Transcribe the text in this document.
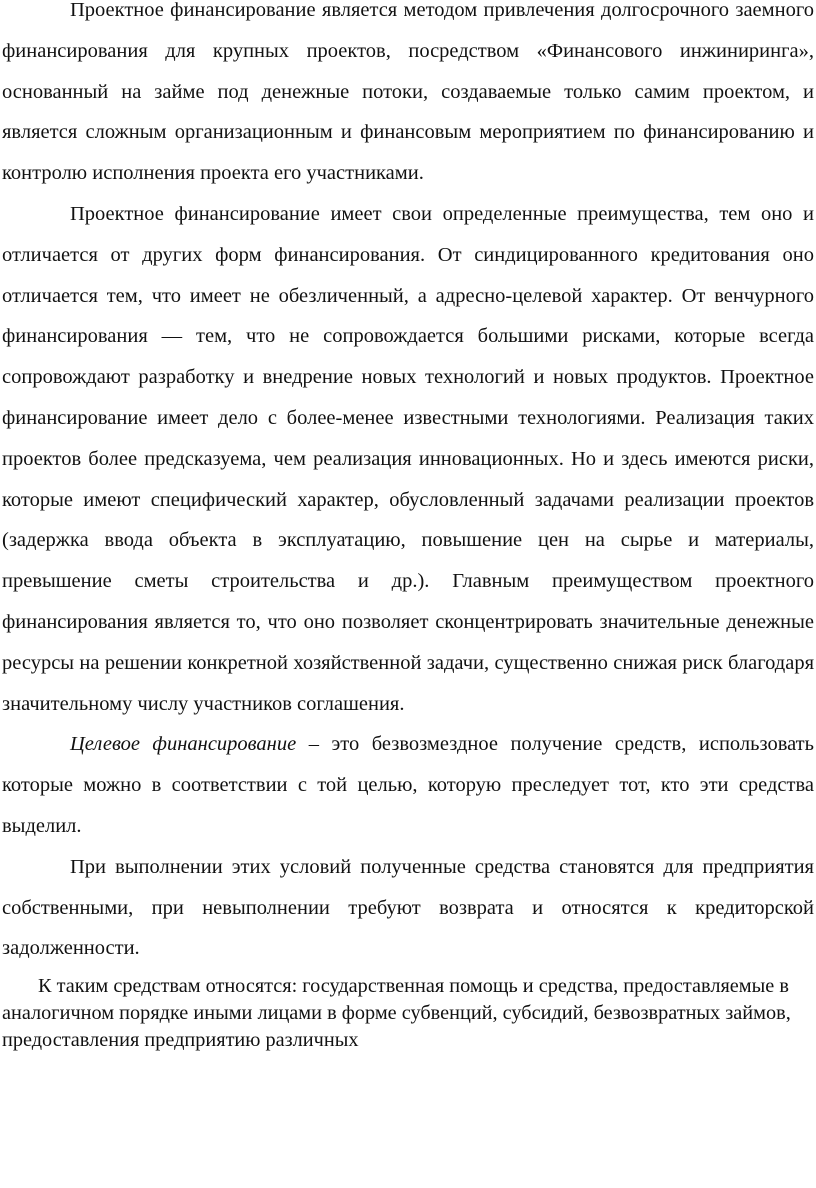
Проектное финансирование является методом привлечения долгосрочного заемного финансирования для крупных проектов, посредством «Финансового инжиниринга», основанный на займе под денежные потоки, создаваемые только самим проектом, и является сложным организационным и финансовым мероприятием по финансированию и контролю исполнения проекта его участниками.

Проектное финансирование имеет свои определенные преимущества, тем оно и отличается от других форм финансирования. От синдицированного кредитования оно отличается тем, что имеет не обезличенный, а адресно-целевой характер. От венчурного финансирования — тем, что не сопровождается большими рисками, которые всегда сопровождают разработку и внедрение новых технологий и новых продуктов. Проектное финансирование имеет дело с более-менее известными технологиями. Реализация таких проектов более предсказуема, чем реализация инновационных. Но и здесь имеются риски, которые имеют специфический характер, обусловленный задачами реализации проектов (задержка ввода объекта в эксплуатацию, повышение цен на сырье и материалы, превышение сметы строительства и др.). Главным преимуществом проектного финансирования является то, что оно позволяет сконцентрировать значительные денежные ресурсы на решении конкретной хозяйственной задачи, существенно снижая риск благодаря значительному числу участников соглашения.

Целевое финансирование – это безвозмездное получение средств, использовать которые можно в соответствии с той целью, которую преследует тот, кто эти средства выделил.

При выполнении этих условий полученные средства становятся для предприятия собственными, при невыполнении требуют возврата и относятся к кредиторской задолженности.

К таким средствам относятся: государственная помощь и средства, предоставляемые в аналогичном порядке иными лицами в форме субвенций, субсидий, безвозвратных займов, предоставления предприятию различных
